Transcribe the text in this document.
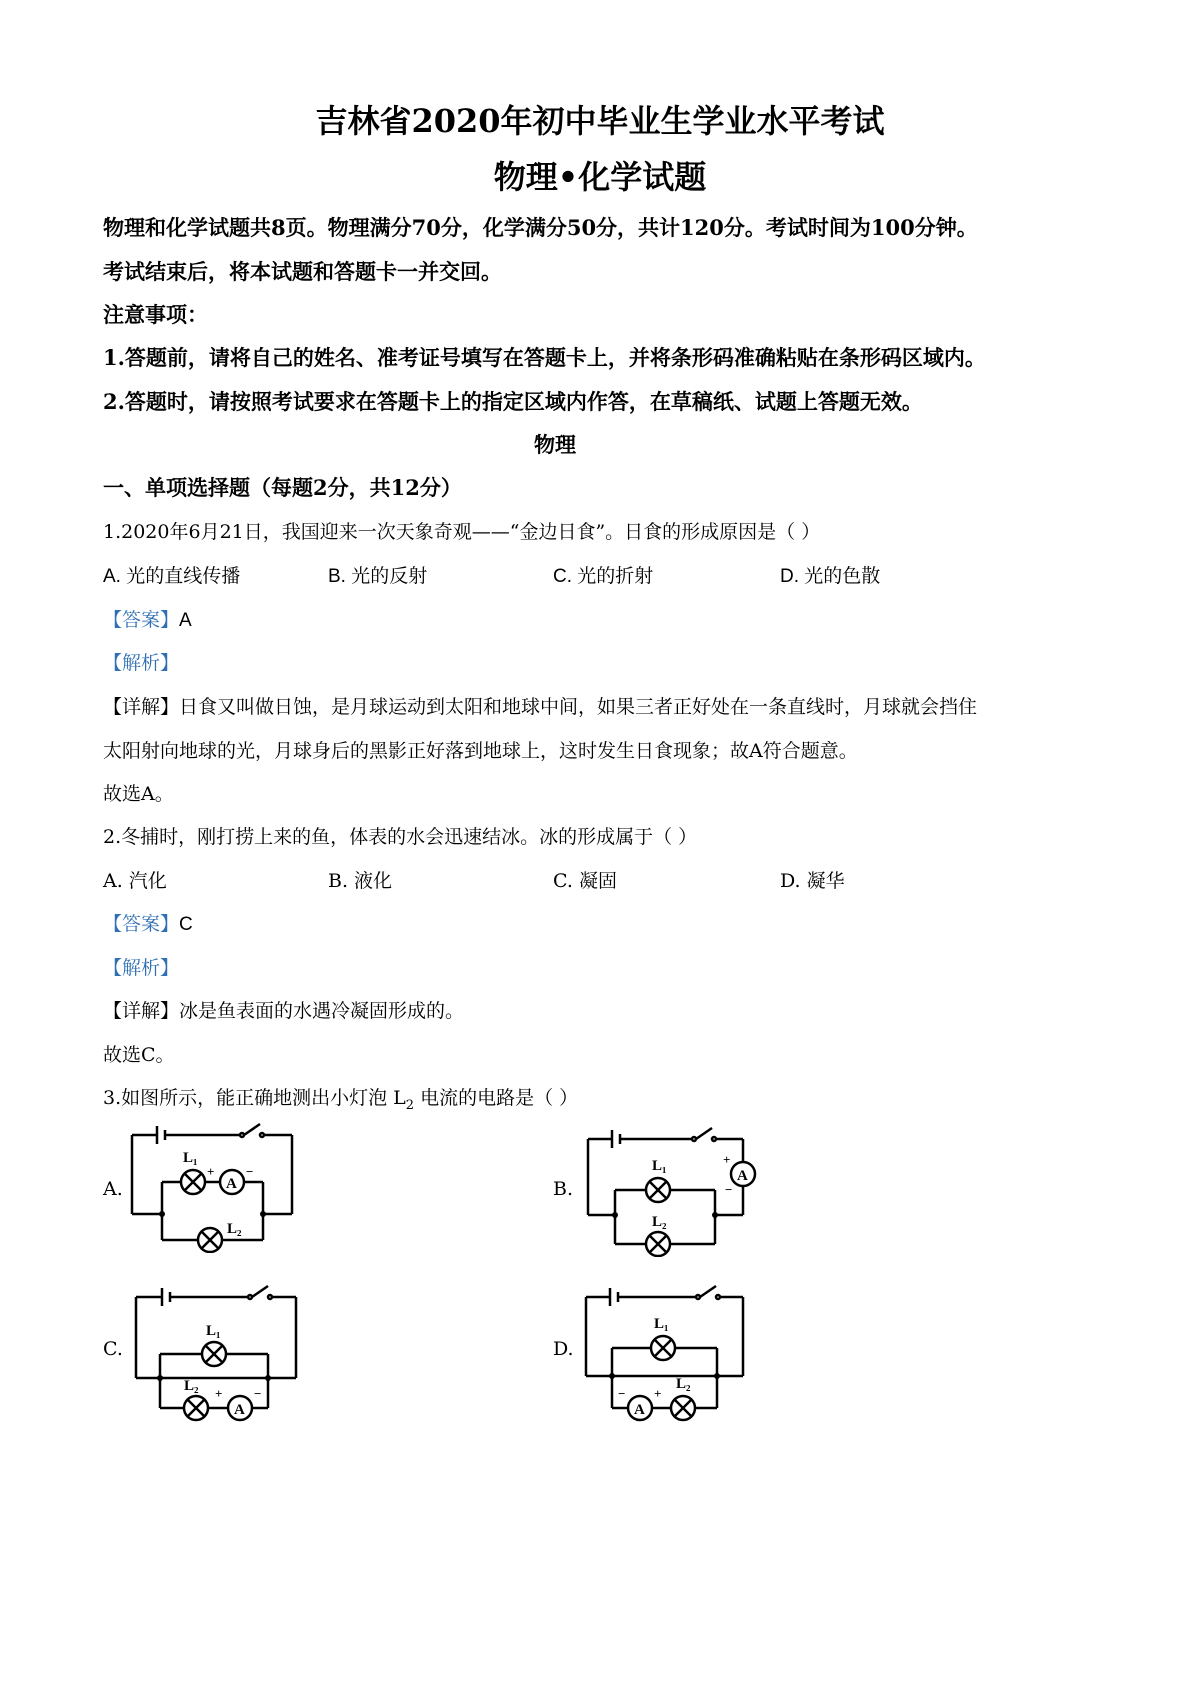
吉林省2020年初中毕业生学业水平考试
物理•化学试题
物理和化学试题共8页。物理满分70分，化学满分50分，共计120分。考试时间为100分钟。
考试结束后，将本试题和答题卡一并交回。
注意事项：
1.答题前，请将自己的姓名、准考证号填写在答题卡上，并将条形码准确粘贴在条形码区域内。
2.答题时，请按照考试要求在答题卡上的指定区域内作答，在草稿纸、试题上答题无效。
物理
一、单项选择题（每题2分，共12分）
1.2020年6月21日，我国迎来一次天象奇观——“金边日食”。日食的形成原因是（ ）
A. 光的直线传播	B. 光的反射	C. 光的折射	D. 光的色散
【答案】A
【解析】
【详解】日食又叫做日蚀，是月球运动到太阳和地球中间，如果三者正好处在一条直线时，月球就会挡住
太阳射向地球的光，月球身后的黑影正好落到地球上，这时发生日食现象；故A符合题意。
故选A。
2.冬捕时，刚打捞上来的鱼，体表的水会迅速结冰。冰的形成属于（ ）
A. 汽化	B. 液化	C. 凝固	D. 凝华
【答案】C
【解析】
【详解】冰是鱼表面的水遇冷凝固形成的。
故选C。
3.如图所示，能正确地测出小灯泡 $L_2$ 电流的电路是（ ）
A.	B.
C.	D.
L₁
L₂
A
+ −	L₁
L₂
A
+
−
L₁
L₂
A
+ −
L₁
L₂
A
− +
